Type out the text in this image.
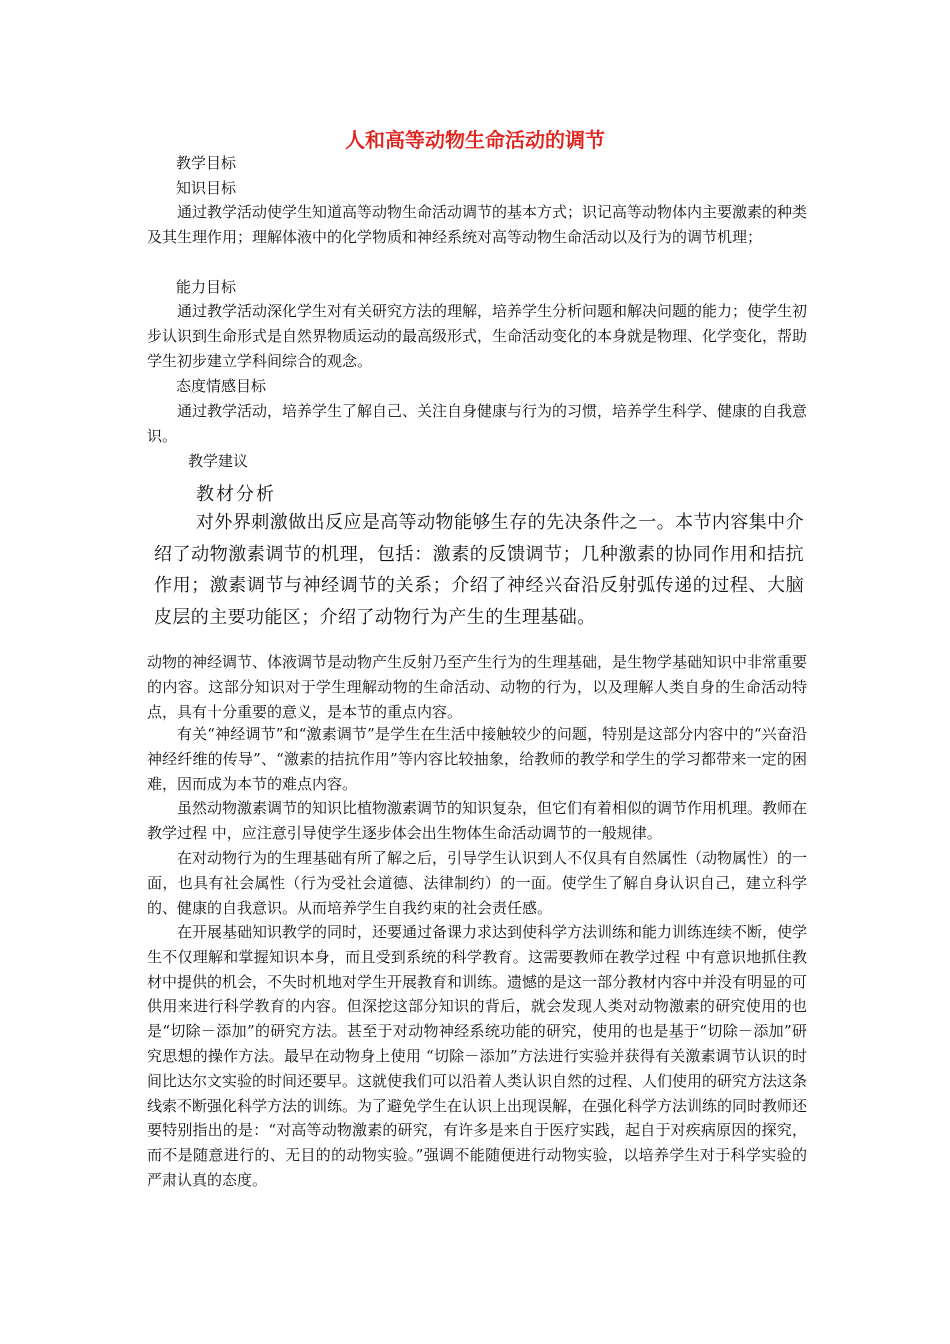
人和高等动物生命活动的调节
教学目标
知识目标

通过教学活动使学生知道高等动物生命活动调节的基本方式；识记高等动物体内主要激素的种类及其生理作用；理解体液中的化学物质和神经系统对高等动物生命活动以及行为的调节机理；

能力目标

通过教学活动深化学生对有关研究方法的理解，培养学生分析问题和解决问题的能力；使学生初步认识到生命形式是自然界物质运动的最高级形式，生命活动变化的本身就是物理、化学变化，帮助学生初步建立学科间综合的观念。

态度情感目标

通过教学活动，培养学生了解自己、关注自身健康与行为的习惯，培养学生科学、健康的自我意识。

教学建议
教材分析

对外界刺激做出反应是高等动物能够生存的先决条件之一。本节内容集中介绍了动物激素调节的机理，包括：激素的反馈调节；几种激素的协同作用和拮抗作用；激素调节与神经调节的关系；介绍了神经兴奋沿反射弧传递的过程、大脑皮层的主要功能区；介绍了动物行为产生的生理基础。

动物的神经调节、体液调节是动物产生反射乃至产生行为的生理基础，是生物学基础知识中非常重要的内容。这部分知识对于学生理解动物的生命活动、动物的行为，以及理解人类自身的生命活动特点，具有十分重要的意义，是本节的重点内容。

有关“神经调节”和“激素调节”是学生在生活中接触较少的问题，特别是这部分内容中的“兴奋沿神经纤维的传导”、“激素的拮抗作用”等内容比较抽象，给教师的教学和学生的学习都带来一定的困难，因而成为本节的难点内容。

虽然动物激素调节的知识比植物激素调节的知识复杂，但它们有着相似的调节作用机理。教师在教学过程 中，应注意引导使学生逐步体会出生物体生命活动调节的一般规律。

在对动物行为的生理基础有所了解之后，引导学生认识到人不仅具有自然属性（动物属性）的一面，也具有社会属性（行为受社会道德、法律制约）的一面。使学生了解自身认识自己，建立科学的、健康的自我意识。从而培养学生自我约束的社会责任感。

在开展基础知识教学的同时，还要通过备课力求达到使科学方法训练和能力训练连续不断，使学生不仅理解和掌握知识本身，而且受到系统的科学教育。这需要教师在教学过程 中有意识地抓住教材中提供的机会，不失时机地对学生开展教育和训练。遗憾的是这一部分教材内容中并没有明显的可供用来进行科学教育的内容。但深挖这部分知识的背后，就会发现人类对动物激素的研究使用的也是“切除－添加”的研究方法。甚至于对动物神经系统功能的研究，使用的也是基于“切除－添加”研究思想的操作方法。最早在动物身上使用 “切除－添加”方法进行实验并获得有关激素调节认识的时间比达尔文实验的时间还要早。这就使我们可以沿着人类认识自然的过程、人们使用的研究方法这条线索不断强化科学方法的训练。为了避免学生在认识上出现误解，在强化科学方法训练的同时教师还要特别指出的是：“对高等动物激素的研究，有许多是来自于医疗实践，起自于对疾病原因的探究，而不是随意进行的、无目的的动物实验。”强调不能随便进行动物实验，以培养学生对于科学实验的严肃认真的态度。
